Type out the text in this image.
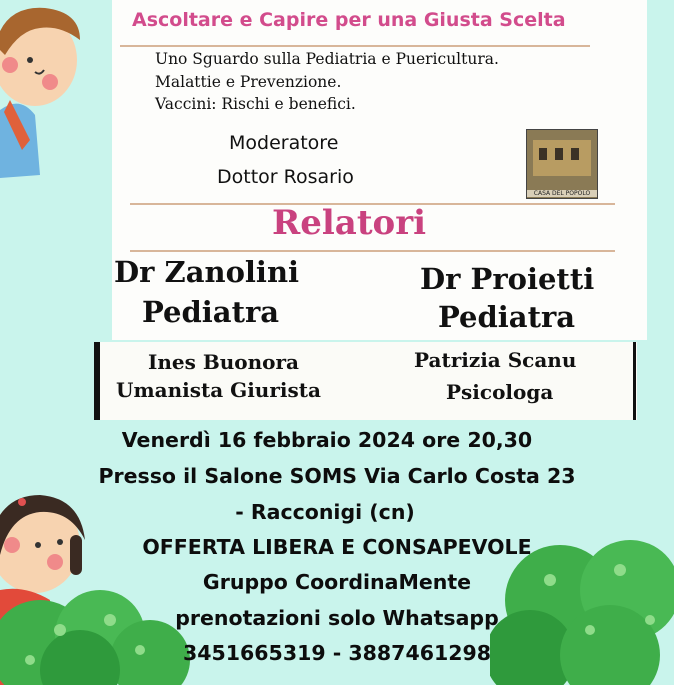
Ascoltare e Capire per una Giusta Scelta
Uno Sguardo sulla Pediatria e Puericultura.
Malattie e Prevenzione.
Vaccini: Rischi e benefici.
Moderatore
Dottor Rosario
CASA DEL POPOLO
Relatori
Dr Zanolini
Pediatra
Dr Proietti
Pediatra
Ines Buonora
Umanista Giurista
Patrizia Scanu
Psicologa
Venerdì 16 febbraio 2024 ore 20,30
Presso il Salone SOMS Via Carlo Costa 23
- Racconigi (cn)
OFFERTA LIBERA E CONSAPEVOLE
Gruppo CoordinaMente
prenotazioni solo Whatsapp
3451665319 - 3887461298
